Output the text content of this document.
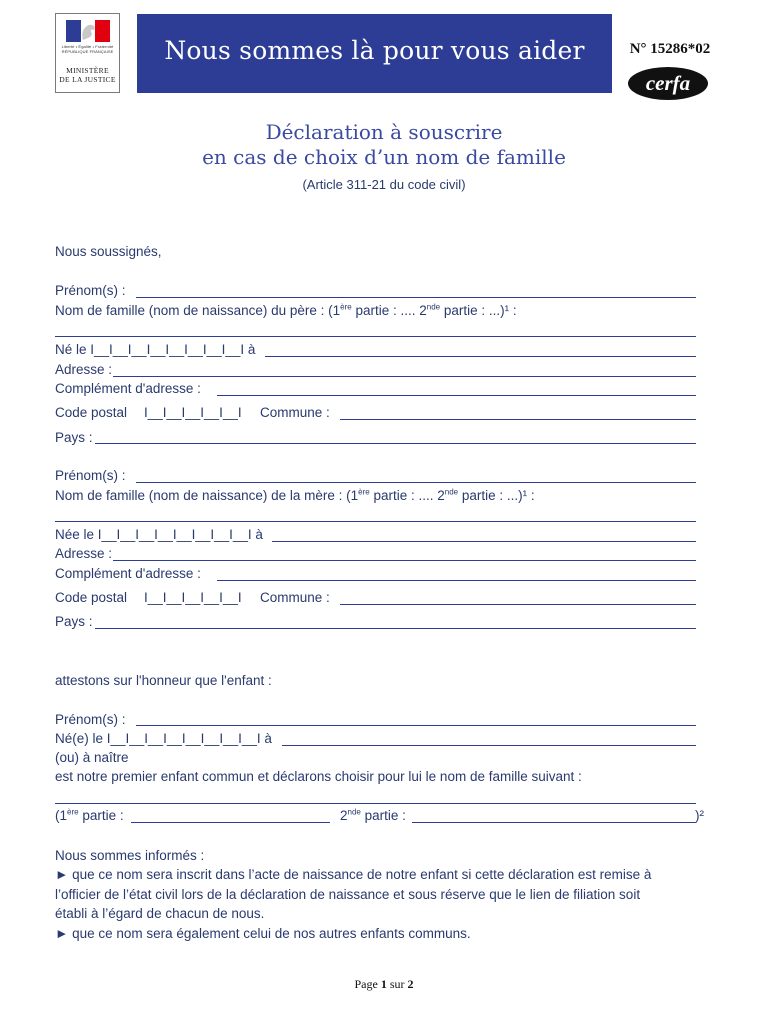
Liberté • Égalité • Fraternité RÉPUBLIQUE FRANÇAISE
MINISTÈRE
DE LA JUSTICE
Nous sommes là pour vous aider	N° 15286*02
cerfa
Déclaration à souscrire
en cas de choix d’un nom de famille
(Article 311-21 du code civil)
Nous soussignés,
Prénom(s) :
Nom de famille (nom de naissance) du père : (1ère partie : .... 2nde partie : ...)¹ :
Né le I__I__I__I__I__I__I__I__I à
Adresse :
Complément d'adresse :
Code postal I__I__I__I__I__I Commune :
Pays :
Prénom(s) :
Nom de famille (nom de naissance) de la mère : (1ère partie : .... 2nde partie : ...)¹ :
Née le I__I__I__I__I__I__I__I__I à
Adresse :
Complément d'adresse :
Code postal I__I__I__I__I__I Commune :
Pays :
attestons sur l'honneur que l'enfant :
Prénom(s) :
Né(e) le I__I__I__I__I__I__I__I__I à
(ou) à naître
est notre premier enfant commun et déclarons choisir pour lui le nom de famille suivant :
(1ère partie :	2nde partie :	)²
Nous sommes informés :
► que ce nom sera inscrit dans l’acte de naissance de notre enfant si cette déclaration est remise à
l’officier de l’état civil lors de la déclaration de naissance et sous réserve que le lien de filiation soit
établi à l’égard de chacun de nous.
► que ce nom sera également celui de nos autres enfants communs.
Page 1 sur 2
